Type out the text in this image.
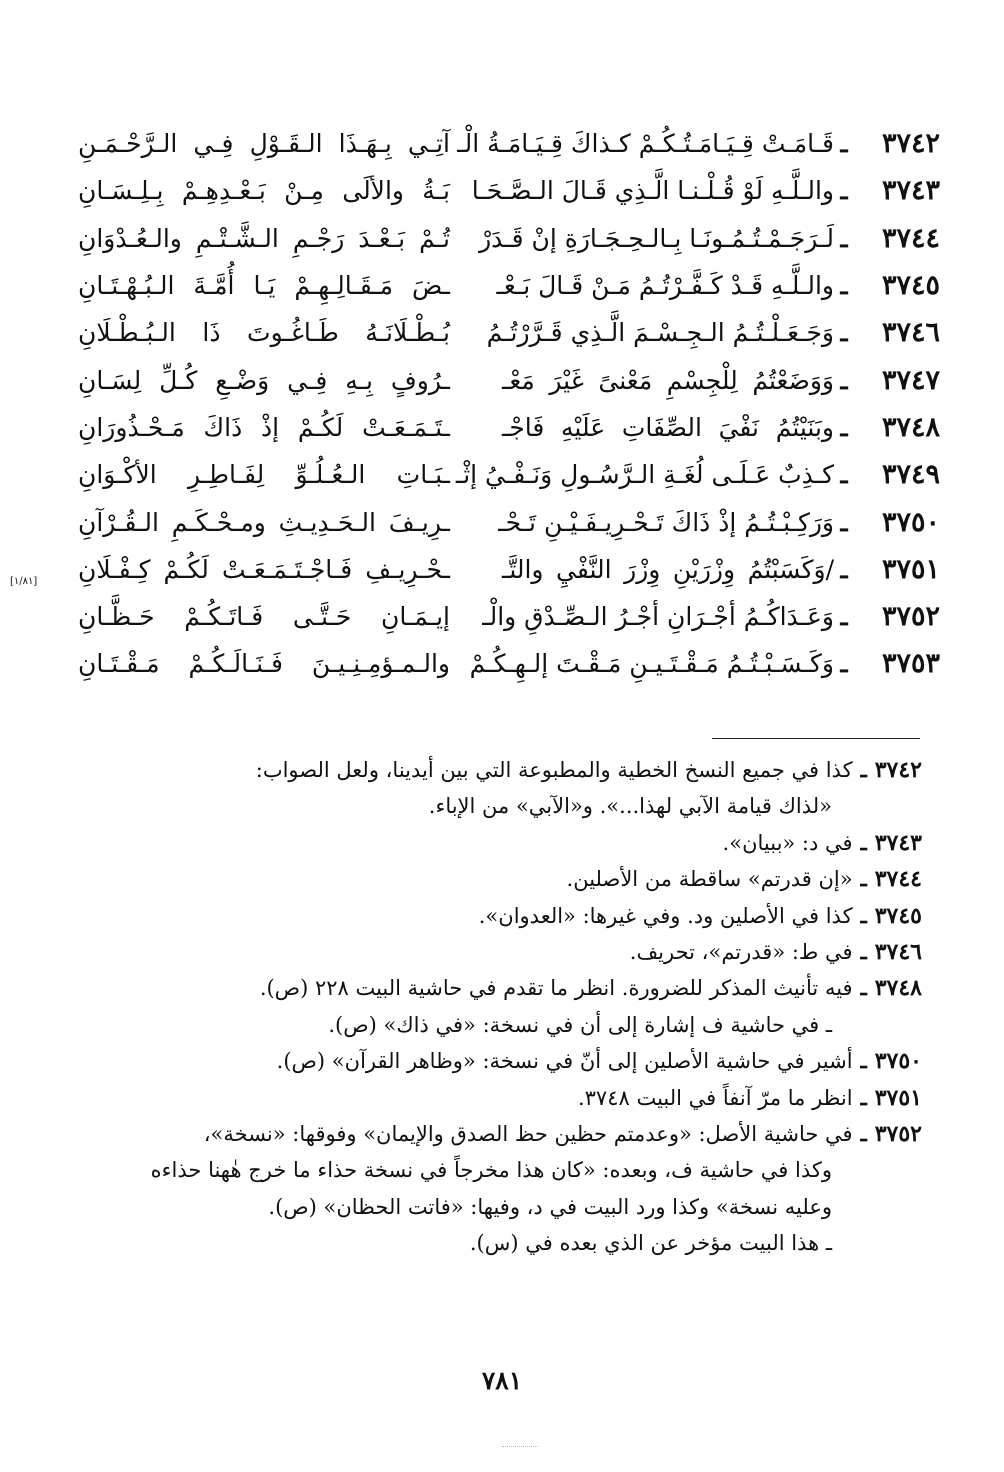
٣٧٤٢
ـ
قَـامَـتْ قِـيَـامَـتُـكُـمْ كـذاكَ قِـيَـامَـةُ الْـ
آتِـي بِـهَـذَا الـقَـوْلِ فِـي الـرَّحْـمَـنِ
٣٧٤٣
ـ
والـلَّـهِ لَوْ قُـلْـنـا الَّـذِي قَـالَ الـصَّـحَـا
بَـةُ والألَى مِـنْ بَـعْـدِهِـمْ بِـلِـسَـانِ
٣٧٤٤
ـ
لَـرَجَـمْـتُـمُـونَـا بِـالـحِـجَـارَةِ إنْ قَـدَرْ
تُـمْ بَـعْـدَ رَجْـمِ الـشَّـتْـمِ والـعُـدْوَانِ
٣٧٤٥
ـ
والـلَّـهِ قَـدْ كَـفَّـرْتُـمُ مَـنْ قَـالَ بَـعْـ
ـضَ مَـقَـالِـهِـمْ يَـا أُمَّـةَ الـبُـهْـتَـانِ
٣٧٤٦
ـ
وَجَـعَـلْـتُـمُ الـجِـسْـمَ الَّـذِي قَـرَّرْتُـمُ
بُـطْـلَانَـهُ طَـاغُـوتَ ذَا الـبُـطْـلَانِ
٣٧٤٧
ـ
وَوَضَعْتُمُ لِلْجِسْمِ مَعْنىً غَيْرَ مَعْـ
ـرُوفٍ بِـهِ فِـي وَضْـعِ كُـلِّ لِسَـانِ
٣٧٤٨
ـ
وبَنَيْتُمُ نَفْيَ الصِّفَاتِ عَلَيْهِ فَاجْـ
ـتَـمَـعَـتْ لَكُـمْ إذْ ذَاكَ مَـحْـذُورَانِ
٣٧٤٩
ـ
كـذِبٌ عَـلَـى لُغَـةِ الـرَّسُـولِ وَنَـفْـيُ إثْـ
ـبَـاتِ الـعُـلُـوِّ لِفَـاطِـرِ الأكْـوَانِ
٣٧٥٠
ـ
وَرَكِـبْـتُـمُ إذْ ذَاكَ تَـحْـرِيـفَـيْـنِ تَـحْـ
ـرِيـفَ الـحَـدِيـثِ ومـحْـكَـمِ الـقُـرْآنِ
٣٧٥١
ـ
/وَكَسَبْتُمُ وِزْرَيْنِ وِزْرَ النَّفْيِ والتَّـ
ـحْـرِيـفِ فَـاجْـتَـمَـعَـتْ لَكُـمْ كِـفْـلَانِ
٣٧٥٢
ـ
وَعَـدَاكُـمُ أجْـرَانِ أجْـرُ الـصِّـدْقِ والْـ
إيـمَـانِ حَـتَّـى فَـاتَـكُـمْ حَـظَّـانِ
٣٧٥٣
ـ
وَكَـسَـبْـتُـمُ مَـقْـتَـيـنِ مَـقْـتَ إلـهِـكُـمْ
والـمـؤمِـنِـيـنَ فَـنَـالَـكُـمْ مَـقْـتَـانِ
[١/٨١]
٣٧٤٢ـكذا في جميع النسخ الخطية والمطبوعة التي بين أيدينا، ولعل الصواب:
«لذاك قيامة الآبي لهذا...». و«الآبي» من الإباء.
٣٧٤٣ـفي د: «ببيان».
٣٧٤٤ـ«إن قدرتم» ساقطة من الأصلين.
٣٧٤٥ـكذا في الأصلين ود. وفي غيرها: «العدوان».
٣٧٤٦ـفي ط: «قدرتم»، تحريف.
٣٧٤٨ـفيه تأنيث المذكر للضرورة. انظر ما تقدم في حاشية البيت ٢٢٨ (ص).
ـ في حاشية ف إشارة إلى أن في نسخة: «في ذاك» (ص).
٣٧٥٠ـأشير في حاشية الأصلين إلى أنّ في نسخة: «وظاهر القرآن» (ص).
٣٧٥١ـانظر ما مرّ آنفاً في البيت ٣٧٤٨.
٣٧٥٢ـفي حاشية الأصل: «وعدمتم حظين حظ الصدق والإيمان» وفوقها: «نسخة»،
وكذا في حاشية ف، وبعده: «كان هذا مخرجاً في نسخة حذاء ما خرج هٰهنا حذاءه
وعليه نسخة» وكذا ورد البيت في د، وفيها: «فاتت الحظان» (ص).
ـ هذا البيت مؤخر عن الذي بعده في (س).
٧٨١
